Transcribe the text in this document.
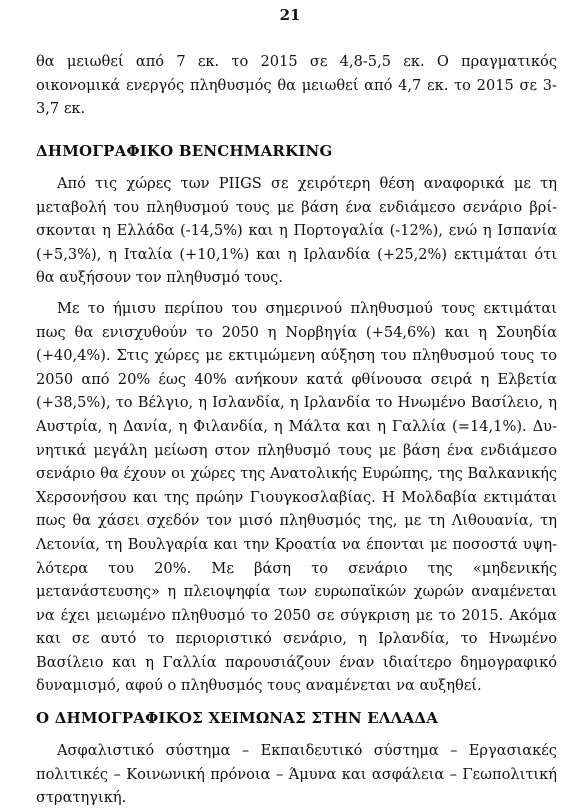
21

θα μειωθεί από 7 εκ. το 2015 σε 4,8-5,5 εκ. Ο πραγματικός οικονομικά ενεργός πληθυσμός θα μειωθεί από 4,7 εκ. το 2015 σε 3-3,7 εκ.

ΔΗΜΟΓΡΑΦΙΚΟ BENCHMARKING

Από τις χώρες των PIIGS σε χειρότερη θέση αναφορικά με τη μεταβολή του πληθυσμού τους με βάση ένα ενδιάμεσο σενάριο βρίσκονται η Ελλάδα (-14,5%) και η Πορτογαλία (-12%), ενώ η Ισπανία (+5,3%), η Ιταλία (+10,1%) και η Ιρλανδία (+25,2%) εκτιμάται ότι θα αυξήσουν τον πληθυσμό τους.

Με το ήμισυ περίπου του σημερινού πληθυσμού τους εκτιμάται πως θα ενισχυθούν το 2050 η Νορβηγία (+54,6%) και η Σουηδία (+40,4%). Στις χώρες με εκτιμώμενη αύξηση του πληθυσμού τους το 2050 από 20% έως 40% ανήκουν κατά φθίνουσα σειρά η Ελβετία (+38,5%), το Βέλγιο, η Ισλανδία, η Ιρλανδία το Ηνωμένο Βασίλειο, η Αυστρία, η Δανία, η Φιλανδία, η Μάλτα και η Γαλλία (=14,1%). Δυνητικά μεγάλη μείωση στον πληθυσμό τους με βάση ένα ενδιάμεσο σενάριο θα έχουν οι χώρες της Ανατολικής Ευρώπης, της Βαλκανικής Χερσονήσου και της πρώην Γιουγκοσλαβίας. Η Μολδαβία εκτιμάται πως θα χάσει σχεδόν τον μισό πληθυσμός της, με τη Λιθουανία, τη Λετονία, τη Βουλγαρία και την Κροατία να έπονται με ποσοστά υψηλότερα του 20%. Με βάση το σενάριο της «μηδενικής μετανάστευσης» η πλειοψηφία των ευρωπαϊκών χωρών αναμένεται να έχει μειωμένο πληθυσμό το 2050 σε σύγκριση με το 2015. Ακόμα και σε αυτό το περιοριστικό σενάριο, η Ιρλανδία, το Ηνωμένο Βασίλειο και η Γαλλία παρουσιάζουν έναν ιδιαίτερο δημογραφικό δυναμισμό, αφού ο πληθυσμός τους αναμένεται να αυξηθεί.

Ο ΔΗΜΟΓΡΑΦΙΚΟΣ ΧΕΙΜΩΝΑΣ ΣΤΗΝ ΕΛΛΑΔΑ

Ασφαλιστικό σύστημα – Εκπαιδευτικό σύστημα – Εργασιακές πολιτικές – Κοινωνική πρόνοια – Άμυνα και ασφάλεια – Γεωπολιτική στρατηγική.
